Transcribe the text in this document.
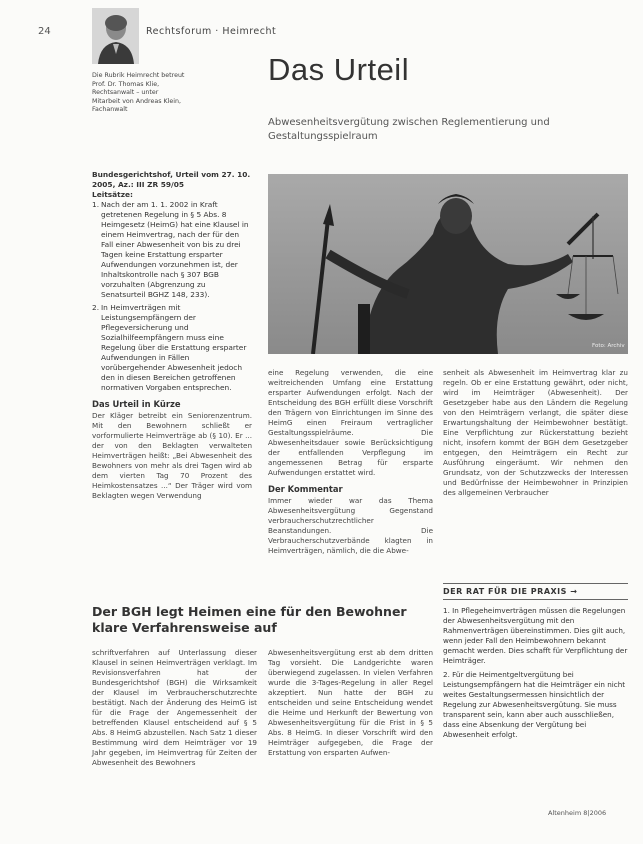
24	Rechtsforum · Heimrecht
Die Rubrik Heimrecht betreut Prof. Dr. Thomas Klie, Rechtsanwalt – unter Mitarbeit von Andreas Klein, Fachanwalt
Das Urteil
Abwesenheitsvergütung zwischen Reglementierung und Gestaltungsspielraum
Bundesgerichtshof, Urteil vom 27. 10. 2005, Az.: III ZR 59/05
Leitsätze:
1. Nach der am 1. 1. 2002 in Kraft getretenen Regelung in § 5 Abs. 8 Heimgesetz (HeimG) hat eine Klausel in einem Heimvertrag, nach der für den Fall einer Abwesenheit von bis zu drei Tagen keine Erstattung ersparter Aufwendungen vorzunehmen ist, der Inhaltskontrolle nach § 307 BGB vorzuhalten (Abgrenzung zu Senatsurteil BGHZ 148, 233).
2. In Heimverträgen mit Leistungsempfängern der Pflegeversicherung und Sozialhilfeempfängern muss eine Regelung über die Erstattung ersparter Aufwendungen in Fällen vorübergehender Abwesenheit jedoch den in diesen Bereichen getroffenen normativen Vorgaben entsprechen.
Das Urteil in Kürze
Der Kläger betreibt ein Seniorenzentrum. Mit den Bewohnern schließt er vorformulierte Heimverträge ab (§ 10). Er ... der von den Beklagten verwalteten Heimverträgen heißt: „Bei Abwesenheit des Bewohners von mehr als drei Tagen wird ab dem vierten Tag 70 Prozent des Heimkostensatzes ...“ Der Träger wird vom Beklagten wegen Verwendung
Foto: Archiv

eine Regelung verwenden, die eine weitreichenden Umfang eine Erstattung ersparter Aufwendungen erfolgt. Nach der Entscheidung des BGH erfüllt diese Vorschrift den Trägern von Einrichtungen im Sinne des HeimG einen Freiraum vertraglicher Gestaltungsspielräume. Die Abwesenheitsdauer sowie Berücksichtigung der entfallenden Verpflegung im angemessenen Betrag für ersparte Aufwendungen erstattet wird.

Der Kommentar

Immer wieder war das Thema Abwesenheitsvergütung Gegenstand verbraucherschutzrechtlicher Beanstandungen. Die Verbraucherschutzverbände klagten in Heimverträgen, nämlich, die die Abwe-

senheit als Abwesenheit im Heimvertrag klar zu regeln. Ob er eine Erstattung gewährt, oder nicht, wird im Heimträger (Abwesenheit). Der Gesetzgeber habe aus den Ländern die Regelung von den Heimträgern verlangt, die später diese Erwartungshaltung der Heimbewohner bestätigt. Eine Verpflichtung zur Rückerstattung bezieht nicht, insofern kommt der BGH dem Gesetzgeber entgegen, den Heimträgern ein Recht zur Ausführung eingeräumt. Wir nehmen den Grundsatz, von der Schutzzwecks der Interessen und Bedürfnisse der Heimbewohner in Prinzipien des allgemeinen Verbraucher

Der BGH legt Heimen eine für den Bewohner klare Verfahrensweise auf

schriftverfahren auf Unterlassung dieser Klausel in seinen Heimverträgen verklagt. Im Revisionsverfahren hat der Bundesgerichtshof (BGH) die Wirksamkeit der Klausel im Verbraucherschutzrechte bestätigt. Nach der Änderung des HeimG ist für die Frage der Angemessenheit der betreffenden Klausel entscheidend auf § 5 Abs. 8 HeimG abzustellen. Nach Satz 1 dieser Bestimmung wird dem Heimträger vor 19 Jahr gegeben, im Heimvertrag für Zeiten der Abwesenheit des Bewohners

Abwesenheitsvergütung erst ab dem dritten Tag vorsieht. Die Landgerichte waren überwiegend zugelassen. In vielen Verfahren wurde die 3-Tages-Regelung in aller Regel akzeptiert. Nun hatte der BGH zu entscheiden und seine Entscheidung wendet die Heime und Herkunft der Bewertung von Abwesenheitsvergütung für die Frist in § 5 Abs. 8 HeimG. In dieser Vorschrift wird den Heimträger aufgegeben, die Frage der Erstattung von ersparten Aufwen-

DER RAT FÜR DIE PRAXIS →
1. In Pflegeheimverträgen müssen die Regelungen der Abwesenheitsvergütung mit den Rahmenverträgen übereinstimmen. Dies gilt auch, wenn jeder Fall den Heimbewohnern bekannt gemacht werden. Dies schafft für Verpflichtung der Heimträger.
2. Für die Heimentgeltvergütung bei Leistungsempfängern hat die Heimträger ein nicht weites Gestaltungsermessen hinsichtlich der Regelung zur Abwesenheitsvergütung. Sie muss transparent sein, kann aber auch ausschließen, dass eine Absenkung der Vergütung bei Abwesenheit erfolgt.
Altenheim 8|2006
